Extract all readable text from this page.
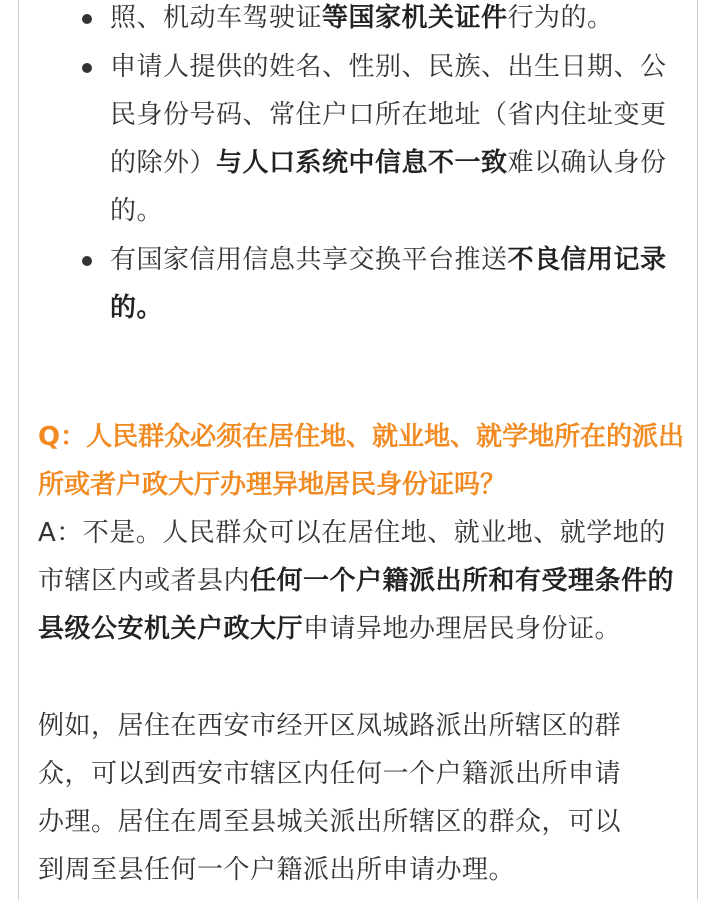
照、机动车驾驶证等国家机关证件行为的。
申请人提供的姓名、性别、民族、出生日期、公民身份号码、常住户口所在地址（省内住址变更的除外）与人口系统中信息不一致难以确认身份的。
有国家信用信息共享交换平台推送不良信用记录的。
Q：人民群众必须在居住地、就业地、就学地所在的派出所或者户政大厅办理异地居民身份证吗？
A：不是。人民群众可以在居住地、就业地、就学地的市辖区内或者县内任何一个户籍派出所和有受理条件的县级公安机关户政大厅申请异地办理居民身份证。
例如，居住在西安市经开区凤城路派出所辖区的群众，可以到西安市辖区内任何一个户籍派出所申请办理。居住在周至县城关派出所辖区的群众，可以到周至县任何一个户籍派出所申请办理。
